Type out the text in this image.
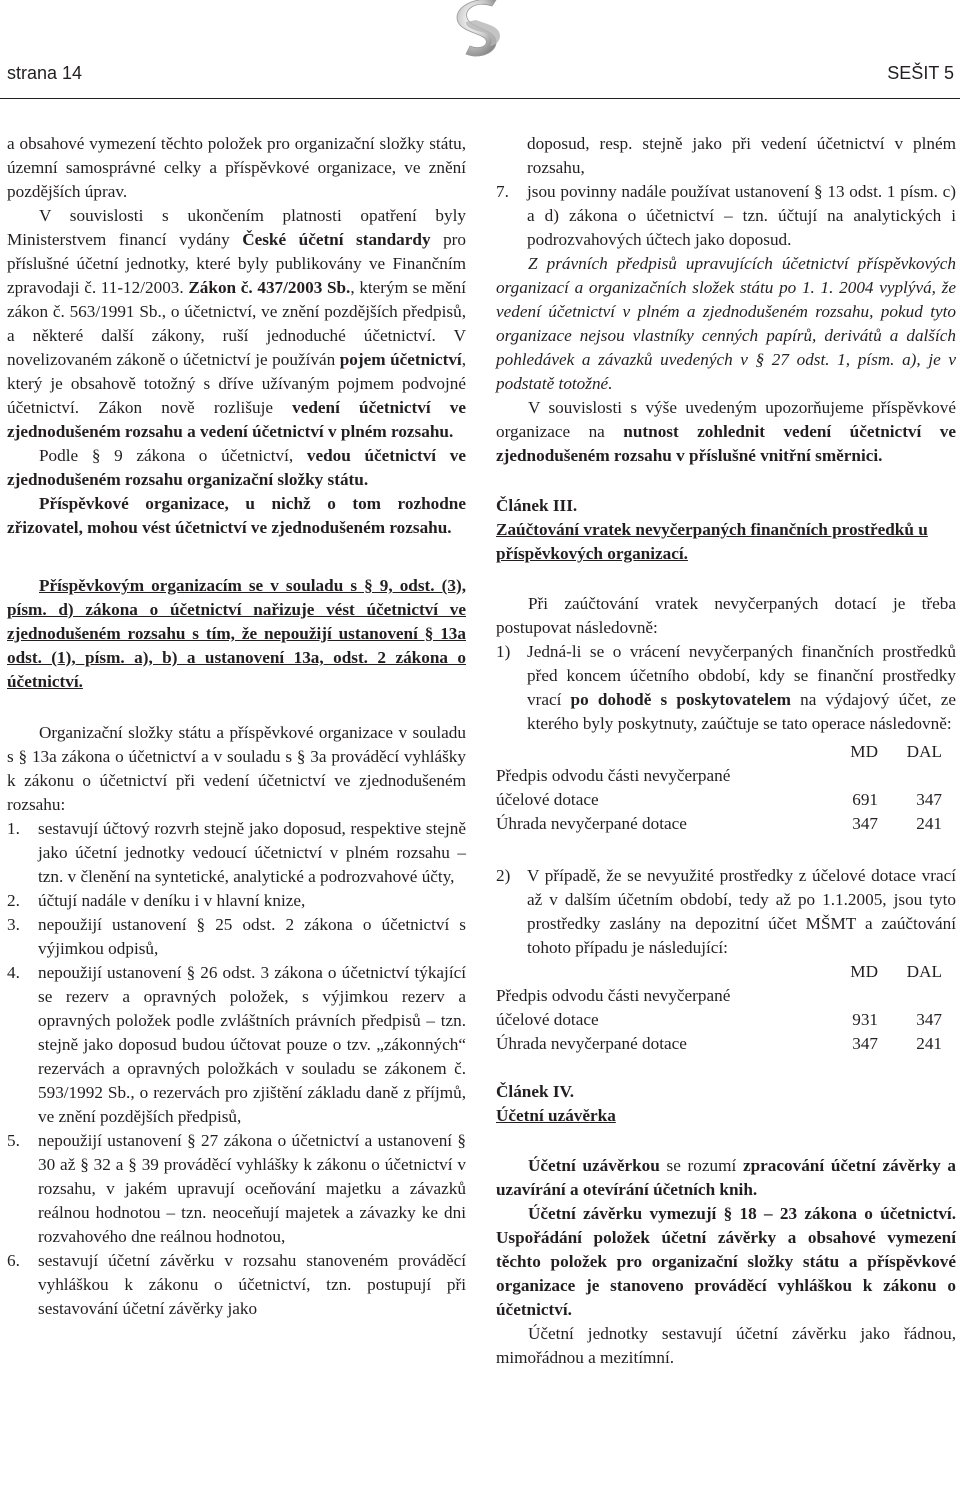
strana 14	SEŠIT 5

a obsahové vymezení těchto položek pro organizační složky státu, územní samosprávné celky a příspěvkové organizace, ve znění pozdějších úprav.

V souvislosti s ukončením platnosti opatření byly Ministerstvem financí vydány České účetní standardy pro příslušné účetní jednotky, které byly publikovány ve Finančním zpravodaji č. 11-12/2003. Zákon č. 437/2003 Sb., kterým se mění zákon č. 563/1991 Sb., o účetnictví, ve znění pozdějších předpisů, a některé další zákony, ruší jednoduché účetnictví. V novelizovaném zákoně o účetnictví je používán pojem účetnictví, který je obsahově totožný s dříve užívaným pojmem podvojné účetnictví. Zákon nově rozlišuje vedení účetnictví ve zjednodušeném rozsahu a vedení účetnictví v plném rozsahu.

Podle § 9 zákona o účetnictví, vedou účetnictví ve zjednodušeném rozsahu organizační složky státu.

Příspěvkové organizace, u nichž o tom rozhodne zřizovatel, mohou vést účetnictví ve zjednodušeném rozsahu.

Příspěvkovým organizacím se v souladu s § 9, odst. (3), písm. d) zákona o účetnictví nařizuje vést účetnictví ve zjednodušeném rozsahu s tím, že nepoužijí ustanovení § 13a odst. (1), písm. a), b) a ustanovení 13a, odst. 2 zákona o účetnictví.

Organizační složky státu a příspěvkové organizace v souladu s § 13a zákona o účetnictví a v souladu s § 3a prováděcí vyhlášky k zákonu o účetnictví při vedení účetnictví ve zjednodušeném rozsahu:

1. sestavují účtový rozvrh stejně jako doposud, respektive stejně jako účetní jednotky vedoucí účetnictví v plném rozsahu – tzn. v členění na syntetické, analytické a podrozvahové účty,
2. účtují nadále v deníku i v hlavní knize,
3. nepoužijí ustanovení § 25 odst. 2 zákona o účetnictví s výjimkou odpisů,
4. nepoužijí ustanovení § 26 odst. 3 zákona o účetnictví týkající se rezerv a opravných položek, s výjimkou rezerv a opravných položek podle zvláštních právních předpisů – tzn. stejně jako doposud budou účtovat pouze o tzv. „zákonných“ rezervách a opravných položkách v souladu se zákonem č. 593/1992 Sb., o rezervách pro zjištění základu daně z příjmů, ve znění pozdějších předpisů,
5. nepoužijí ustanovení § 27 zákona o účetnictví a ustanovení § 30 až § 32 a § 39 prováděcí vyhlášky k zákonu o účetnictví v rozsahu, v jakém upravují oceňování majetku a závazků reálnou hodnotou – tzn. neoceňují majetek a závazky ke dni rozvahového dne reálnou hodnotou,
6. sestavují účetní závěrku v rozsahu stanoveném prováděcí vyhláškou k zákonu o účetnictví, tzn. postupují při sestavování účetní závěrky jako
doposud, resp. stejně jako při vedení účetnictví v plném rozsahu,
7. jsou povinny nadále používat ustanovení § 13 odst. 1 písm. c) a d) zákona o účetnictví – tzn. účtují na analytických i podrozvahových účtech jako doposud.

Z právních předpisů upravujících účetnictví příspěvkových organizací a organizačních složek státu po 1. 1. 2004 vyplývá, že vedení účetnictví v plném a zjednodušeném rozsahu, pokud tyto organizace nejsou vlastníky cenných papírů, derivátů a dalších pohledávek a závazků uvedených v § 27 odst. 1, písm. a), je v podstatě totožné.

V souvislosti s výše uvedeným upozorňujeme příspěvkové organizace na nutnost zohlednit vedení účetnictví ve zjednodušeném rozsahu v příslušné vnitřní směrnici.

Článek III.

Zaúčtování vratek nevyčerpaných finančních prostředků u příspěvkových organizací.

Při zaúčtování vratek nevyčerpaných dotací je třeba postupovat následovně:

1) Jedná-li se o vrácení nevyčerpaných finančních prostředků před koncem účetního období, kdy se finanční prostředky vrací po dohodě s poskytovatelem na výdajový účet, ze kterého byly poskytnuty, zaúčtuje se tato operace následovně:
	MD	DAL
Předpis odvodu části nevyčerpané		
účelové dotace	691	347
Úhrada nevyčerpané dotace	347	241
2) V případě, že se nevyužité prostředky z účelové dotace vrací až v dalším účetním období, tedy až po 1.1.2005, jsou tyto prostředky zaslány na depozitní účet MŠMT a zaúčtování tohoto případu je následující:
	MD	DAL
Předpis odvodu části nevyčerpané		
účelové dotace	931	347
Úhrada nevyčerpané dotace	347	241

Článek IV.

Účetní uzávěrka

Účetní uzávěrkou se rozumí zpracování účetní závěrky a uzavírání a otevírání účetních knih.

Účetní závěrku vymezují § 18 – 23 zákona o účetnictví. Uspořádání položek účetní závěrky a obsahové vymezení těchto položek pro organizační složky státu a příspěvkové organizace je stanoveno prováděcí vyhláškou k zákonu o účetnictví.

Účetní jednotky sestavují účetní závěrku jako řádnou, mimořádnou a mezitímní.
